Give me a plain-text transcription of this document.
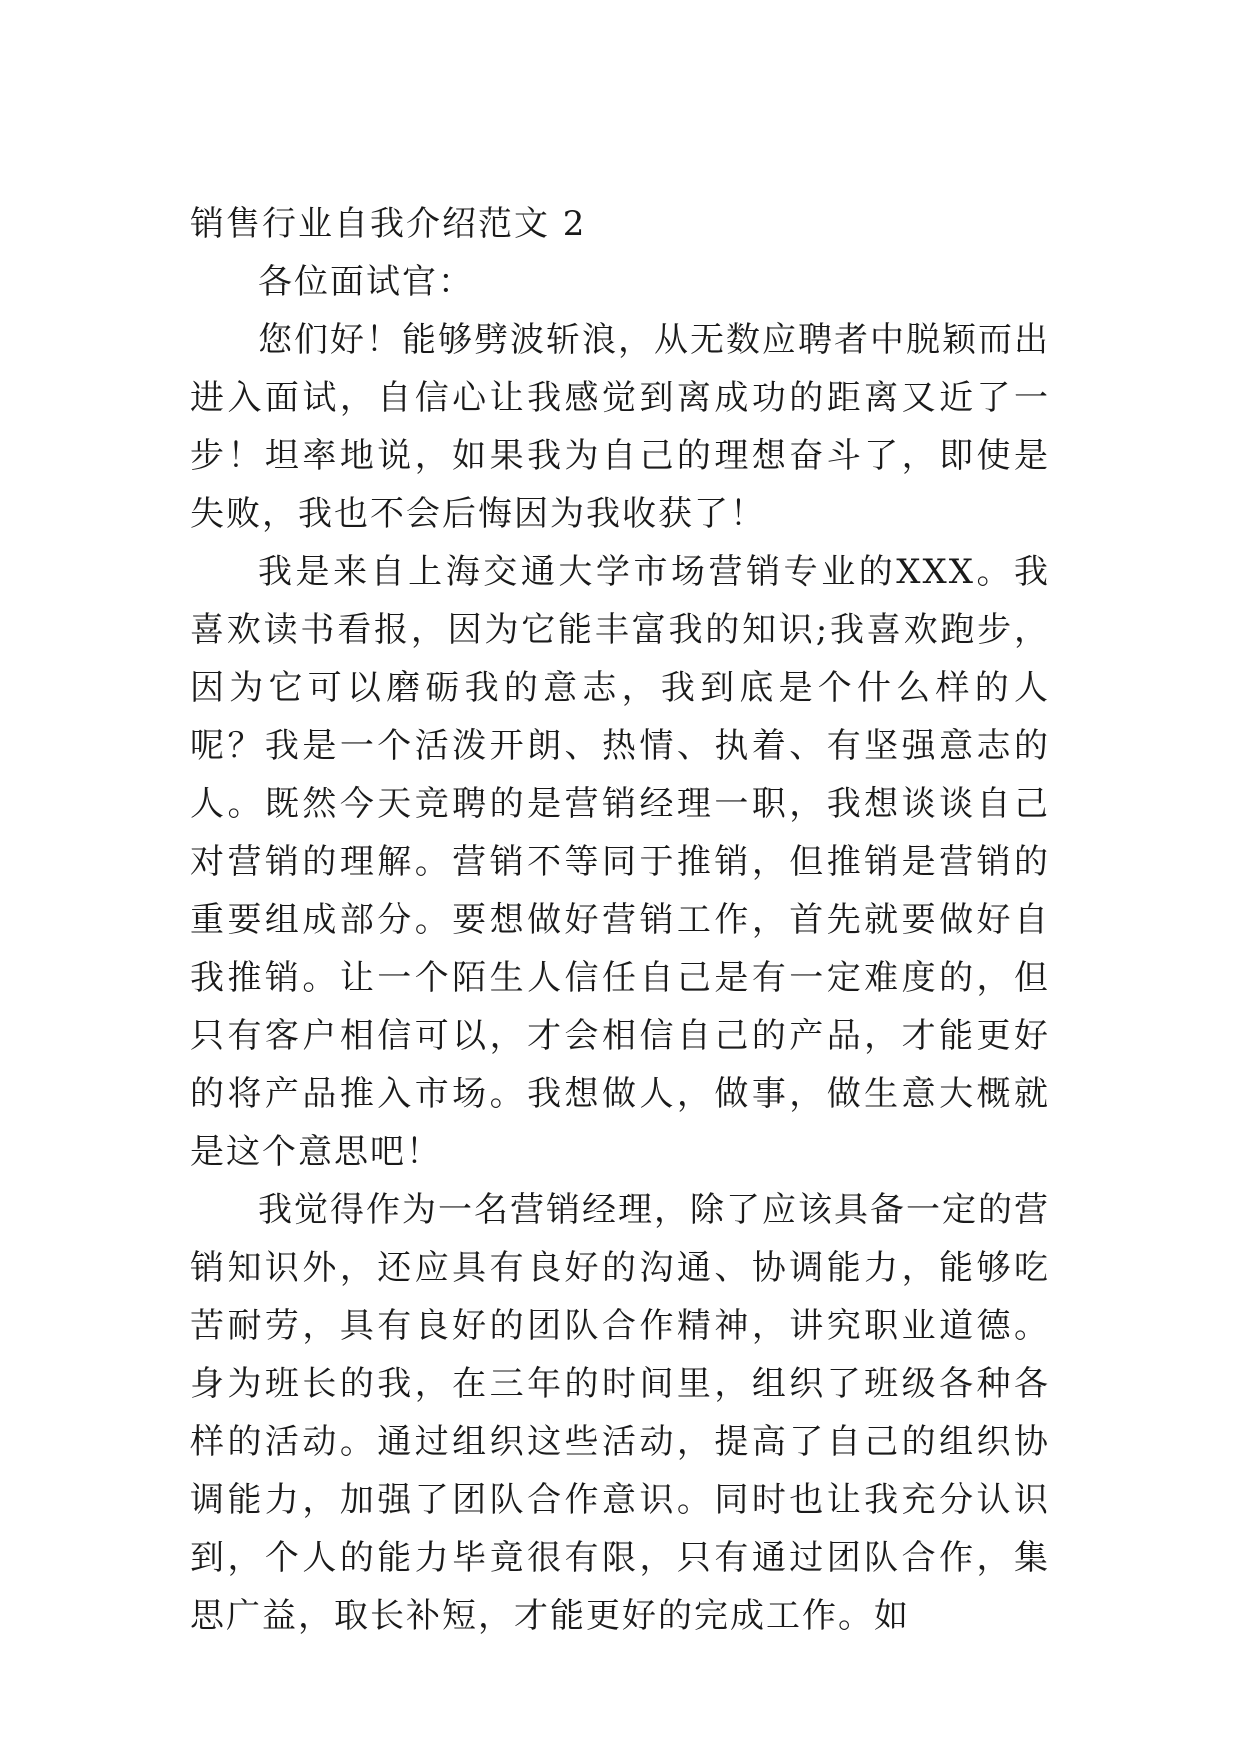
销售行业自我介绍范文 2

各位面试官：

您们好！能够劈波斩浪，从无数应聘者中脱颖而出进入面试，自信心让我感觉到离成功的距离又近了一步！坦率地说，如果我为自己的理想奋斗了，即使是失败，我也不会后悔因为我收获了！

我是来自上海交通大学市场营销专业的XXX。我喜欢读书看报，因为它能丰富我的知识;我喜欢跑步，因为它可以磨砺我的意志，我到底是个什么样的人呢？我是一个活泼开朗、热情、执着、有坚强意志的人。既然今天竞聘的是营销经理一职，我想谈谈自己对营销的理解。营销不等同于推销，但推销是营销的重要组成部分。要想做好营销工作，首先就要做好自我推销。让一个陌生人信任自己是有一定难度的，但只有客户相信可以，才会相信自己的产品，才能更好的将产品推入市场。我想做人，做事，做生意大概就是这个意思吧！

我觉得作为一名营销经理，除了应该具备一定的营销知识外，还应具有良好的沟通、协调能力，能够吃苦耐劳，具有良好的团队合作精神，讲究职业道德。身为班长的我，在三年的时间里，组织了班级各种各样的活动。通过组织这些活动，提高了自己的组织协调能力，加强了团队合作意识。同时也让我充分认识到，个人的能力毕竟很有限，只有通过团队合作，集思广益，取长补短，才能更好的完成工作。如
